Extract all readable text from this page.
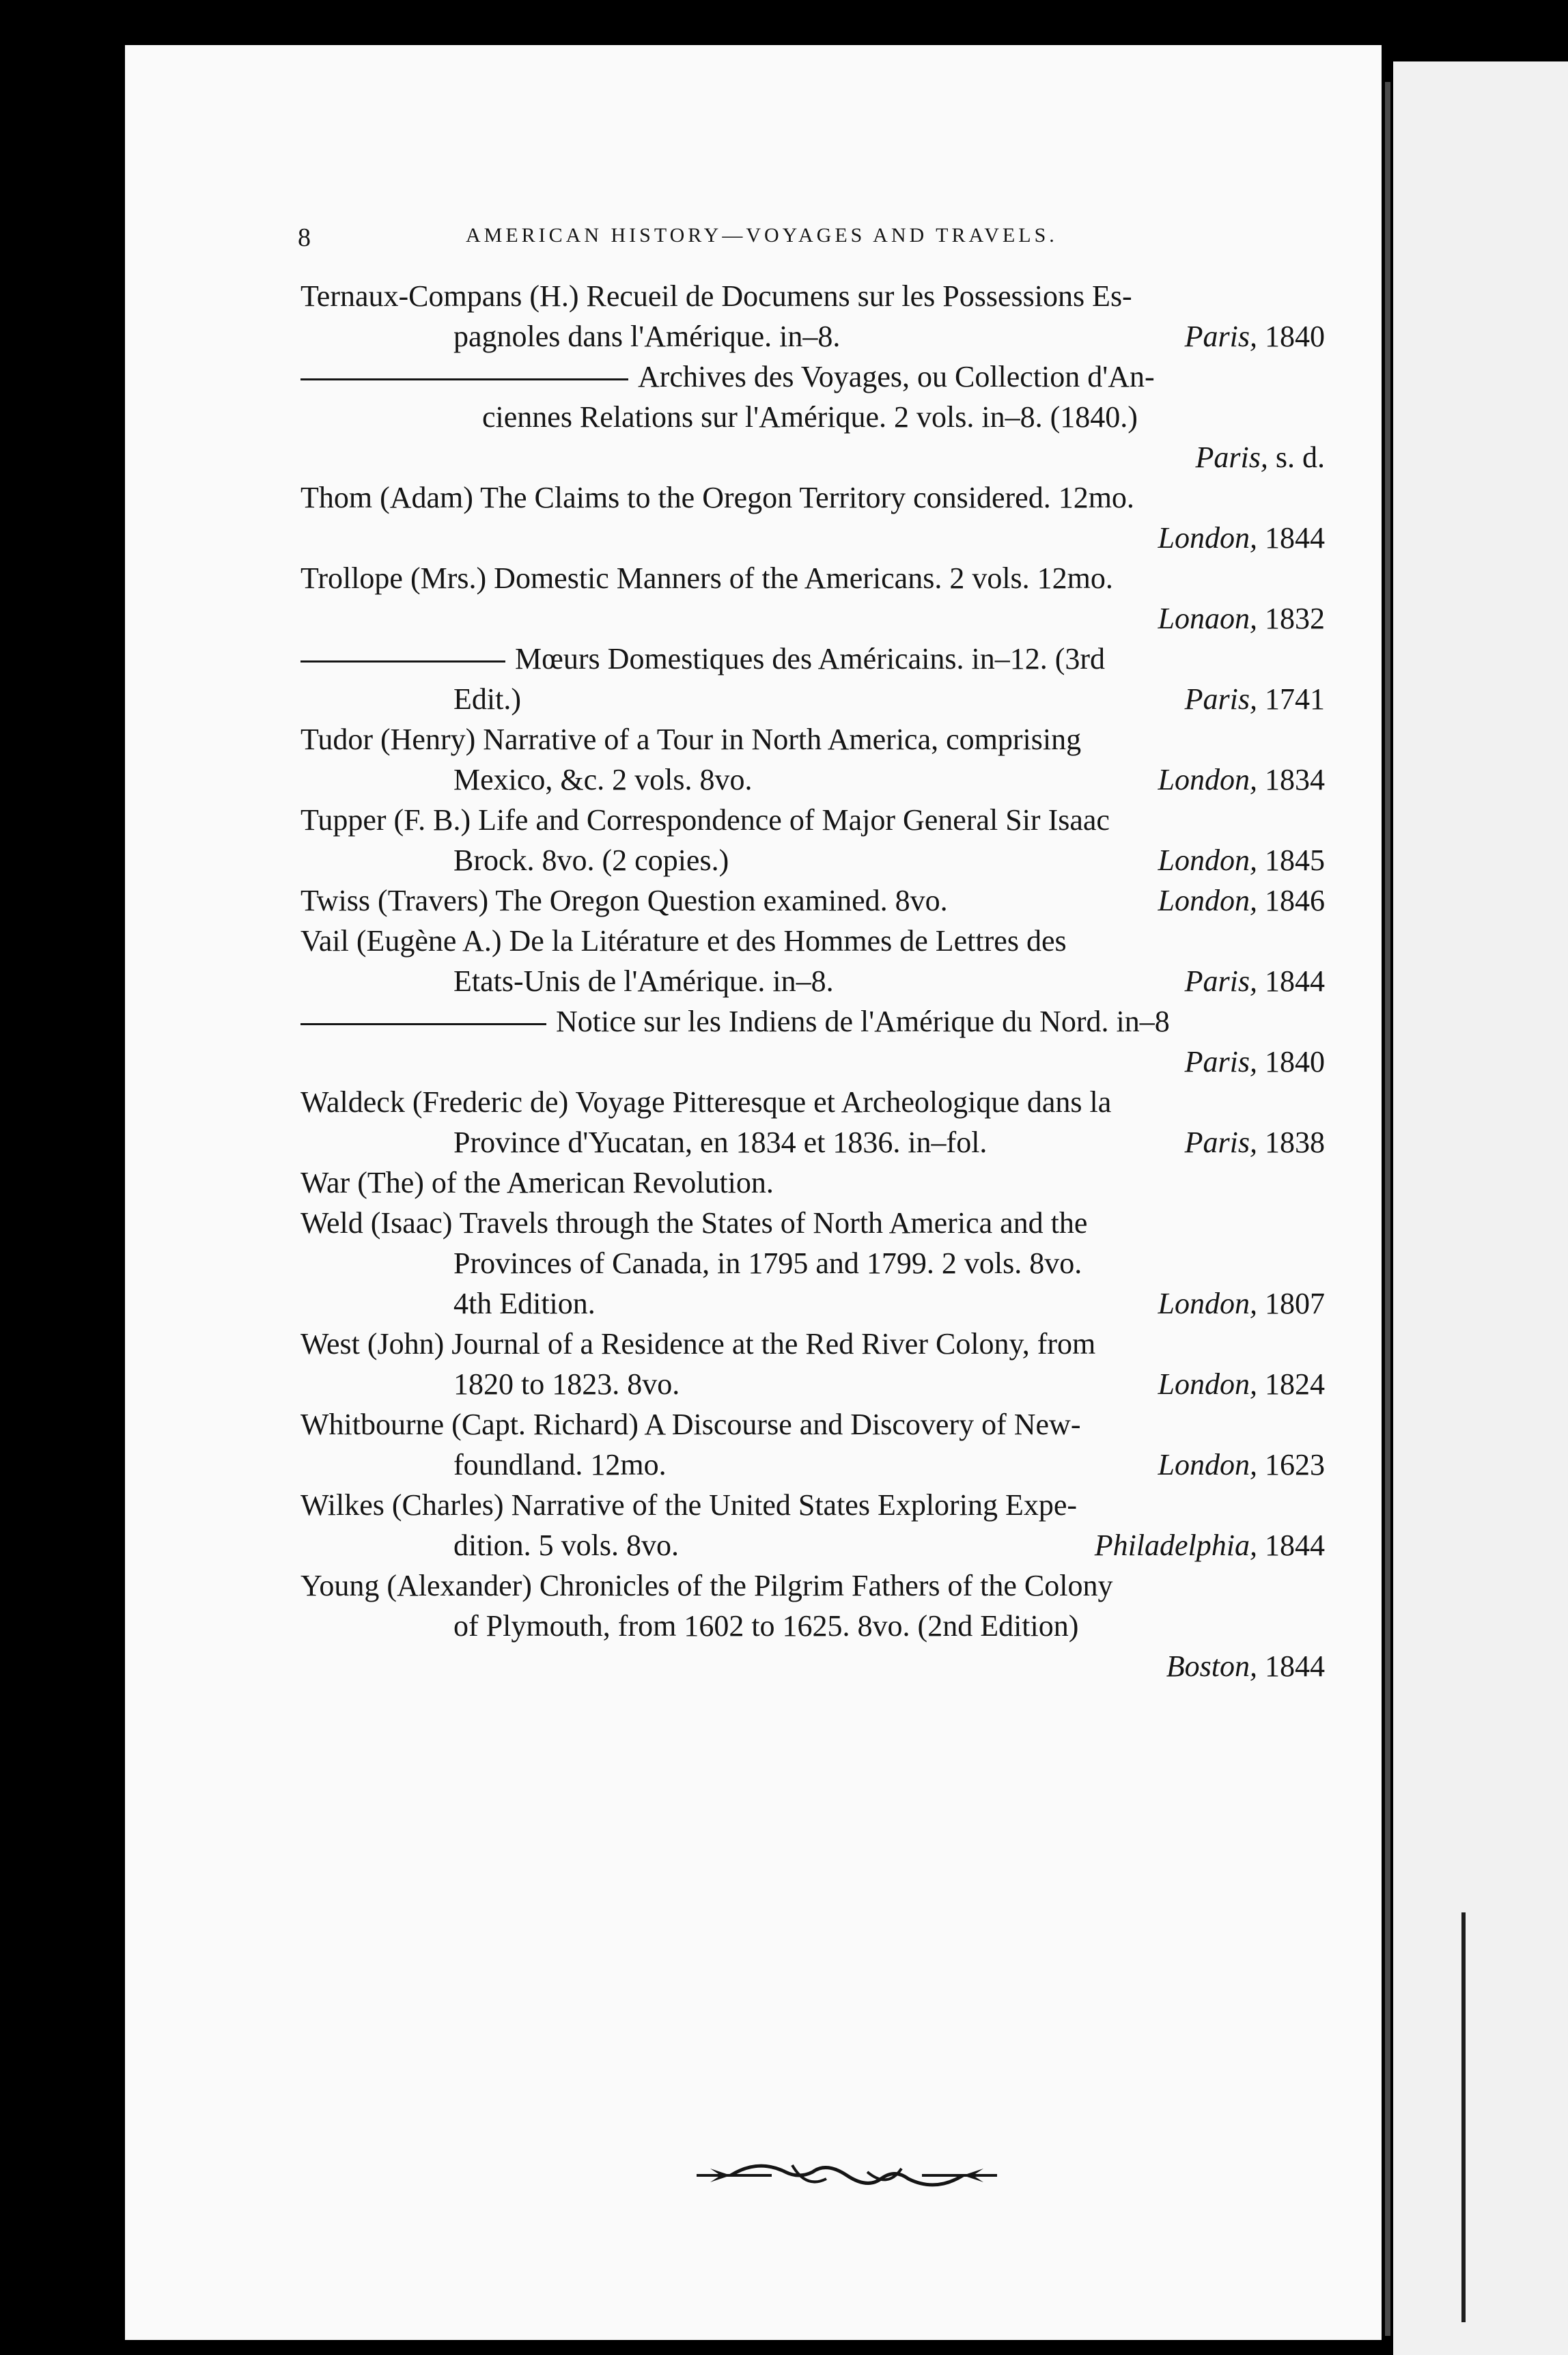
8	AMERICAN HISTORY—VOYAGES AND TRAVELS.
Ternaux-Compans (H.) Recueil de Documens sur les Possessions Es-
pagnoles dans l'Amérique. in–8.	Paris, 1840
Archives des Voyages, ou Collection d'An-
ciennes Relations sur l'Amérique. 2 vols. in–8. (1840.)
Paris, s. d.
Thom (Adam) The Claims to the Oregon Territory considered. 12mo.
London, 1844
Trollope (Mrs.) Domestic Manners of the Americans. 2 vols. 12mo.
Lonaon, 1832
Mœurs Domestiques des Américains. in–12. (3rd
Edit.)	Paris, 1741
Tudor (Henry) Narrative of a Tour in North America, comprising
Mexico, &c. 2 vols. 8vo.	London, 1834
Tupper (F. B.) Life and Correspondence of Major General Sir Isaac
Brock. 8vo. (2 copies.)	London, 1845
Twiss (Travers) The Oregon Question examined. 8vo.	London, 1846
Vail (Eugène A.) De la Litérature et des Hommes de Lettres des
Etats-Unis de l'Amérique. in–8.	Paris, 1844
Notice sur les Indiens de l'Amérique du Nord. in–8
Paris, 1840
Waldeck (Frederic de) Voyage Pitteresque et Archeologique dans la
Province d'Yucatan, en 1834 et 1836. in–fol.	Paris, 1838
War (The) of the American Revolution.
Weld (Isaac) Travels through the States of North America and the
Provinces of Canada, in 1795 and 1799. 2 vols. 8vo.
4th Edition.	London, 1807
West (John) Journal of a Residence at the Red River Colony, from
1820 to 1823. 8vo.	London, 1824
Whitbourne (Capt. Richard) A Discourse and Discovery of New-
foundland. 12mo.	London, 1623
Wilkes (Charles) Narrative of the United States Exploring Expe-
dition. 5 vols. 8vo.	Philadelphia, 1844
Young (Alexander) Chronicles of the Pilgrim Fathers of the Colony
of Plymouth, from 1602 to 1625. 8vo. (2nd Edition)
Boston, 1844
